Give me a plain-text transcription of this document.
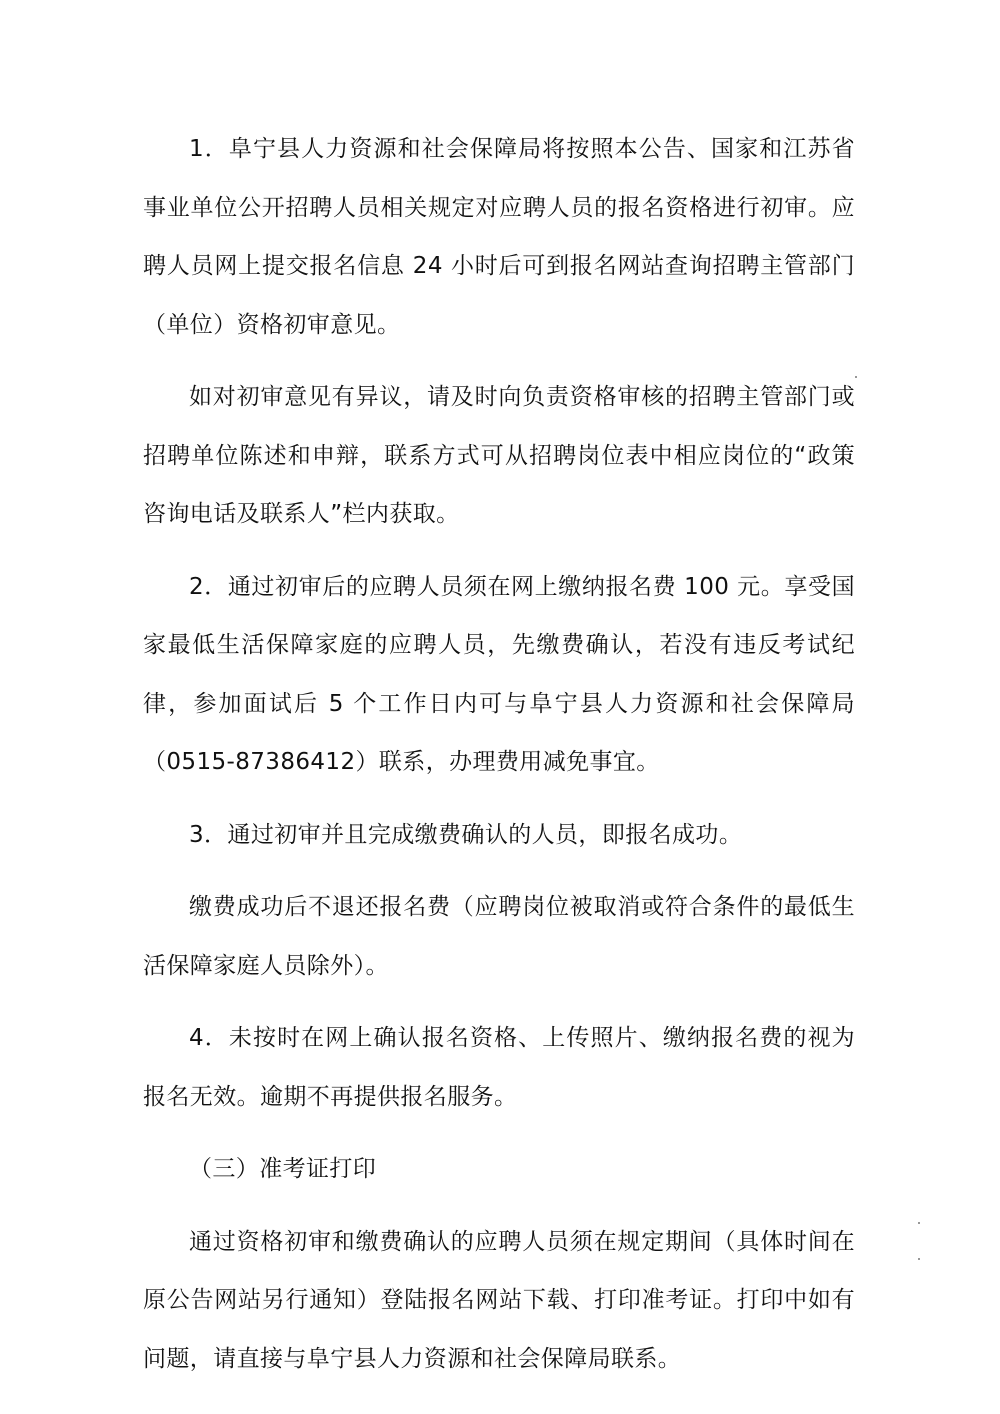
1．阜宁县人力资源和社会保障局将按照本公告、国家和江苏省事业单位公开招聘人员相关规定对应聘人员的报名资格进行初审。应聘人员网上提交报名信息 24 小时后可到报名网站查询招聘主管部门（单位）资格初审意见。

如对初审意见有异议，请及时向负责资格审核的招聘主管部门或招聘单位陈述和申辩，联系方式可从招聘岗位表中相应岗位的“政策咨询电话及联系人”栏内获取。

2．通过初审后的应聘人员须在网上缴纳报名费 100 元。享受国家最低生活保障家庭的应聘人员，先缴费确认，若没有违反考试纪律，参加面试后 5 个工作日内可与阜宁县人力资源和社会保障局（0515-87386412）联系，办理费用减免事宜。

3．通过初审并且完成缴费确认的人员，即报名成功。

缴费成功后不退还报名费（应聘岗位被取消或符合条件的最低生活保障家庭人员除外）。

4．未按时在网上确认报名资格、上传照片、缴纳报名费的视为报名无效。逾期不再提供报名服务。

（三）准考证打印

通过资格初审和缴费确认的应聘人员须在规定期间（具体时间在原公告网站另行通知）登陆报名网站下载、打印准考证。打印中如有问题，请直接与阜宁县人力资源和社会保障局联系。
